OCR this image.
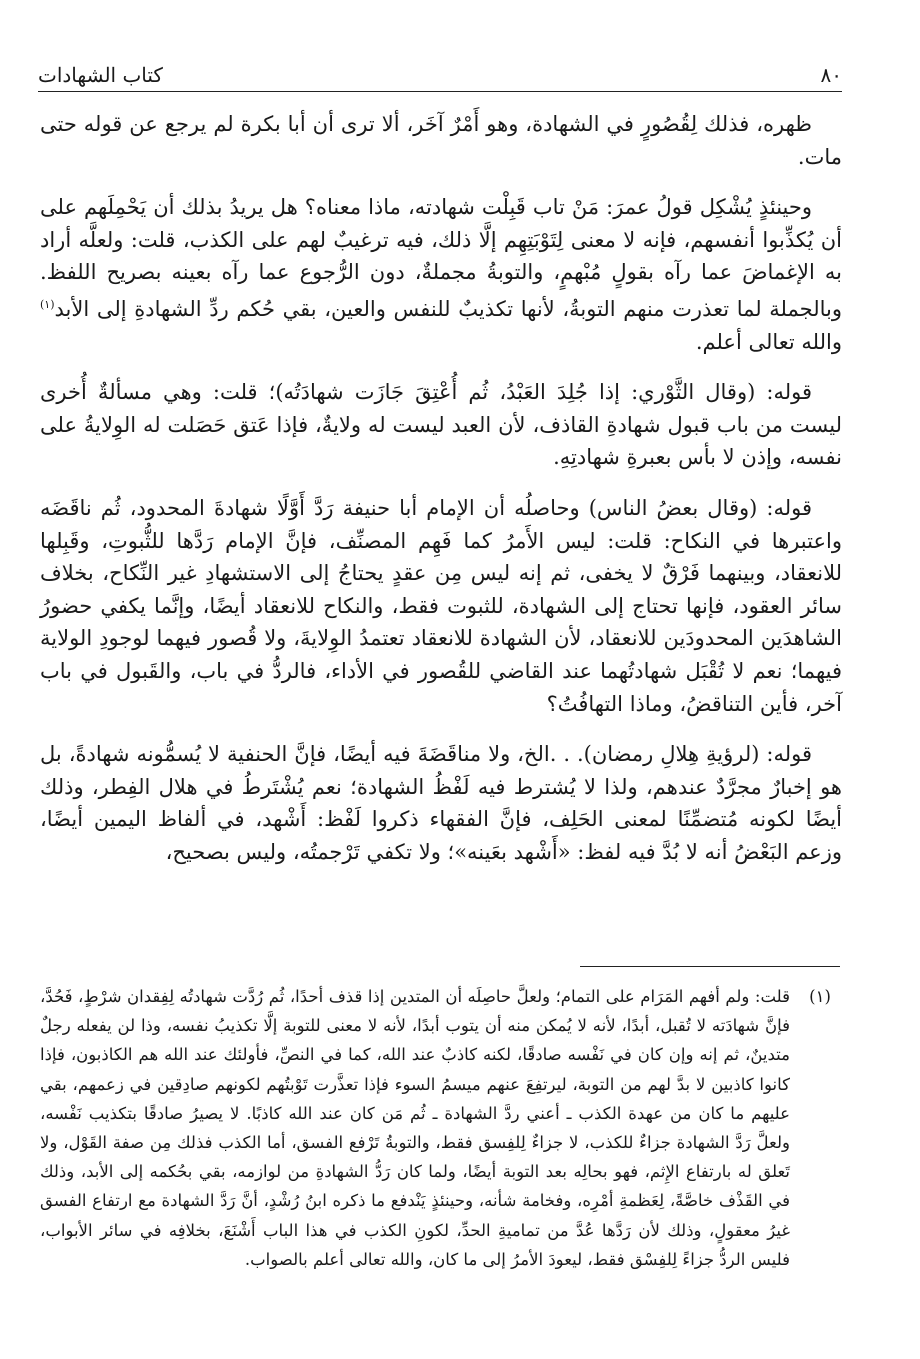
٨٠
كتاب الشهادات

ظهره، فذلك لِقُصُورٍ في الشهادة، وهو أَمْرٌ آخَر، ألا ترى أن أبا بكرة لم يرجع عن قوله حتى مات.

وحينئذٍ يُشْكِل قولُ عمرَ: مَنْ تاب قَبِلْت شهادته، ماذا معناه؟ هل يريدُ بذلك أن يَحْمِلَهم على أن يُكذِّبوا أنفسهم، فإنه لا معنى لِتَوْبَتِهِم إلَّا ذلك، فيه ترغيبٌ لهم على الكذب، قلت: ولعلَّه أراد به الإغماضَ عما رآه بقولٍ مُبْهمٍ، والتوبةُ مجملةٌ، دون الرُّجوع عما رآه بعينه بصريح اللفظ. وبالجملة لما تعذرت منهم التوبةُ، لأنها تكذيبٌ للنفس والعين، بقي حُكم ردِّ الشهادةِ إلى الأبد$^{(١)}$ والله تعالى أعلم.

قوله: (وقال الثَّوْري: إذا جُلِدَ العَبْدُ، ثُم أُعْتِقَ جَازَت شهادَتُه)؛ قلت: وهي مسألةٌ أُخرى ليست من باب قبول شهادةِ القاذف، لأن العبد ليست له ولايةٌ، فإذا عَتق حَصَلت له الوِلايةُ على نفسه، وإذن لا بأس بعبرةِ شهادتِهِ.

قوله: (وقال بعضُ الناس) وحاصلُه أن الإمام أبا حنيفة رَدَّ أَوَّلًا شهادةَ المحدود، ثُم ناقَضَه واعتبرها في النكاح: قلت: ليس الأَمرُ كما فَهِم المصنِّف، فإنَّ الإمام رَدَّها للثُّبوتِ، وقَبِلها للانعقاد، وبينهما فَرْقٌ لا يخفى، ثم إنه ليس مِن عقدٍ يحتاجُ إلى الاستشهادِ غير النِّكاح، بخلاف سائر العقود، فإنها تحتاج إلى الشهادة، للثبوت فقط، والنكاح للانعقاد أيضًا، وإنَّما يكفي حضورُ الشاهدَين المحدودَين للانعقاد، لأن الشهادة للانعقاد تعتمدُ الوِلايةَ، ولا قُصور فيهما لوجودِ الولاية فيهما؛ نعم لا تُقْبَل شهادتُهما عند القاضي للقُصور في الأداء، فالردُّ في باب، والقَبول في باب آخر، فأين التناقضُ، وماذا التهافُتُ؟

قوله: (لرؤيةِ هِلالِ رمضان). . .الخ، ولا مناقَضَةَ فيه أيضًا، فإنَّ الحنفية لا يُسمُّونه شهادةً، بل هو إخبارٌ مجرَّدٌ عندهم، ولذا لا يُشترط فيه لَفْظُ الشهادة؛ نعم يُشْتَرطُ في هلال الفِطر، وذلك أيضًا لكونه مُتضمِّنًا لمعنى الحَلِف، فإنَّ الفقهاء ذكروا لَفْظ: أَشْهد، في ألفاظ اليمين أيضًا، وزعم البَعْضُ أنه لا بُدَّ فيه لفظ: «أَشْهد بعَينه»؛ ولا تكفي تَرْجمتُه، وليس بصحيح،

(١)

قلت: ولم أفهم المَرَام على التمام؛ ولعلَّ حاصِلَه أن المتدين إذا قذف أحدًا، ثُم رُدَّت شهادتُه لِفِقدان شرْطٍ، فَحُدَّ، فإنَّ شهادَته لا تُقبل، أبدًا، لأنه لا يُمكن منه أن يتوب أبدًا، لأنه لا معنى للتوبة إلَّا تكذيبُ نفسه، وذا لن يفعله رجلٌ متدينٌ، ثم إنه وإن كان في نَفْسه صادقًا، لكنه كاذبٌ عند الله، كما في النصِّ، فأولئك عند الله هم الكاذبون، فإذا كانوا كاذبين لا بدَّ لهم من التوبة، ليرتفِعَ عنهم ميسمُ السوء فإذا تعذَّرت تَوْبتُهم لكونهم صادِقين في زعمهم، بقي عليهم ما كان من عهدة الكذب ـ أعني ردَّ الشهادة ـ ثُم مَن كان عند الله كاذبًا. لا يصيرُ صادقًا بتكذيب نَفْسه، ولعلَّ رَدَّ الشهادة جزاءٌ للكذب، لا جزاءٌ لِلفِسق فقط، والتوبةُ تَرْفع الفسق، أما الكذب فذلك مِن صفة القَوْل، ولا تَعلق له بارتفاع الإِثم، فهو بحالِه بعد التوبة أيضًا، ولما كان رَدُّ الشهادةِ من لوازمه، بقي بحُكمه إلى الأبد، وذلك في القَذْف خاصَّةً، لِعَظمةِ أمْرِه، وفخامة شأنه، وحينئذٍ يَنْدفع ما ذكره ابنُ رُشْدٍ، أنَّ رَدَّ الشهادة مع ارتفاع الفسق غيرُ معقولٍ، وذلك لأن رَدَّها عُدَّ من تماميةِ الحدِّ، لكونِ الكذب في هذا الباب أَشْنَعَ، بخلافِه في سائر الأبواب، فليس الردُّ جزاءً لِلفِسْق فقط، ليعودَ الأمرُ إلى ما كان، والله تعالى أعلم بالصواب.
